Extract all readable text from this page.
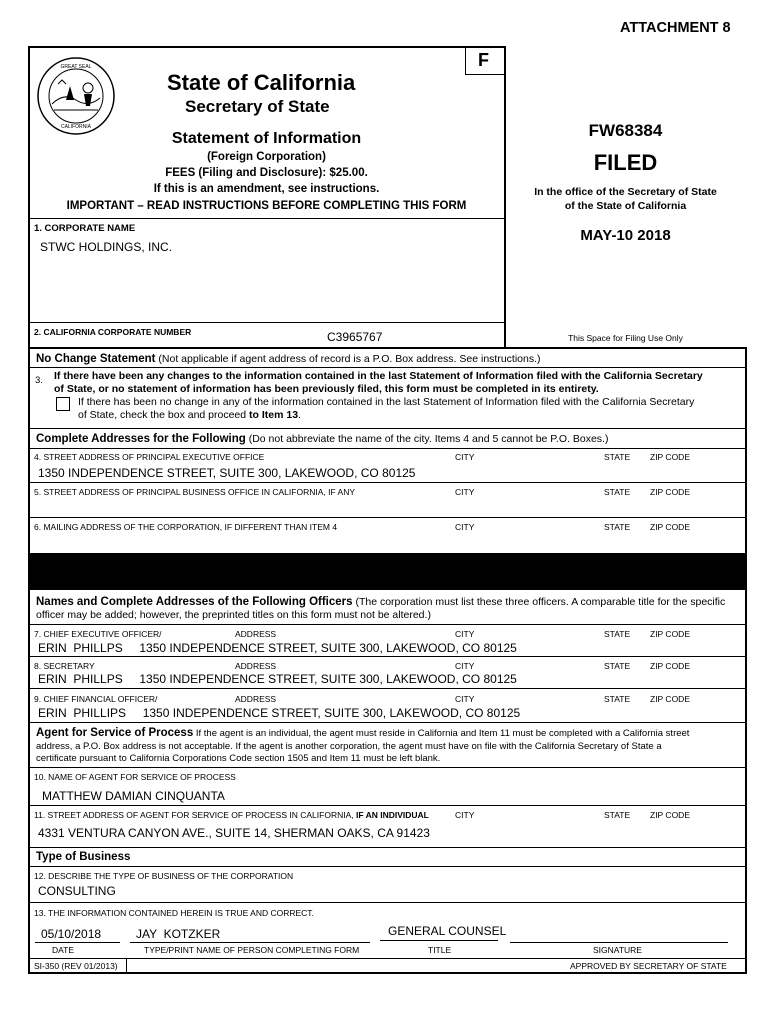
ATTACHMENT 8
F
GREAT SEAL
CALIFORNIA
State of California
Secretary of State
Statement of Information
(Foreign Corporation)
FEES (Filing and Disclosure): $25.00.
If this is an amendment, see instructions.
IMPORTANT – READ INSTRUCTIONS BEFORE COMPLETING THIS FORM
FW68384
FILED
In the office of the Secretary of State
of the State of California
MAY-10 2018
This Space for Filing Use Only
1. CORPORATE NAME
STWC HOLDINGS, INC.
2. CALIFORNIA CORPORATE NUMBER	C3965767
No Change Statement (Not applicable if agent address of record is a P.O. Box address. See instructions.)
3. If there have been any changes to the information contained in the last Statement of Information filed with the California Secretary
of State, or no statement of information has been previously filed, this form must be completed in its entirety.
If there has been no change in any of the information contained in the last Statement of Information filed with the California Secretary
of State, check the box and proceed to Item 13.
Complete Addresses for the Following (Do not abbreviate the name of the city. Items 4 and 5 cannot be P.O. Boxes.)
4. STREET ADDRESS OF PRINCIPAL EXECUTIVE OFFICE	CITY	STATE ZIP CODE
1350 INDEPENDENCE STREET, SUITE 300, LAKEWOOD, CO 80125
5. STREET ADDRESS OF PRINCIPAL BUSINESS OFFICE IN CALIFORNIA, IF ANY	CITY	STATE ZIP CODE
6. MAILING ADDRESS OF THE CORPORATION, IF DIFFERENT THAN ITEM 4	CITY	STATE ZIP CODE
Names and Complete Addresses of the Following Officers (The corporation must list these three officers. A comparable title for the specific
officer may be added; however, the preprinted titles on this form must not be altered.)
7. CHIEF EXECUTIVE OFFICER/	ADDRESS	CITY	STATE ZIP CODE
ERIN  PHILLPS     1350 INDEPENDENCE STREET, SUITE 300, LAKEWOOD, CO 80125
8. SECRETARY	ADDRESS	CITY	STATE ZIP CODE
ERIN  PHILLPS     1350 INDEPENDENCE STREET, SUITE 300, LAKEWOOD, CO 80125
9. CHIEF FINANCIAL OFFICER/	ADDRESS	CITY	STATE ZIP CODE
ERIN  PHILLIPS     1350 INDEPENDENCE STREET, SUITE 300, LAKEWOOD, CO 80125
Agent for Service of Process If the agent is an individual, the agent must reside in California and Item 11 must be completed with a California street
address, a P.O. Box address is not acceptable. If the agent is another corporation, the agent must have on file with the California Secretary of State a
certificate pursuant to California Corporations Code section 1505 and Item 11 must be left blank.
10. NAME OF AGENT FOR SERVICE OF PROCESS
MATTHEW DAMIAN CINQUANTA
11. STREET ADDRESS OF AGENT FOR SERVICE OF PROCESS IN CALIFORNIA, IF AN INDIVIDUAL	CITY	STATE ZIP CODE
4331 VENTURA CANYON AVE., SUITE 14, SHERMAN OAKS, CA 91423
Type of Business
12. DESCRIBE THE TYPE OF BUSINESS OF THE CORPORATION
CONSULTING
13. THE INFORMATION CONTAINED HEREIN IS TRUE AND CORRECT.
05/10/2018	JAY  KOTZKER	GENERAL COUNSEL
DATE	TYPE/PRINT NAME OF PERSON COMPLETING FORM	TITLE	SIGNATURE
SI-350 (REV 01/2013)	APPROVED BY SECRETARY OF STATE
